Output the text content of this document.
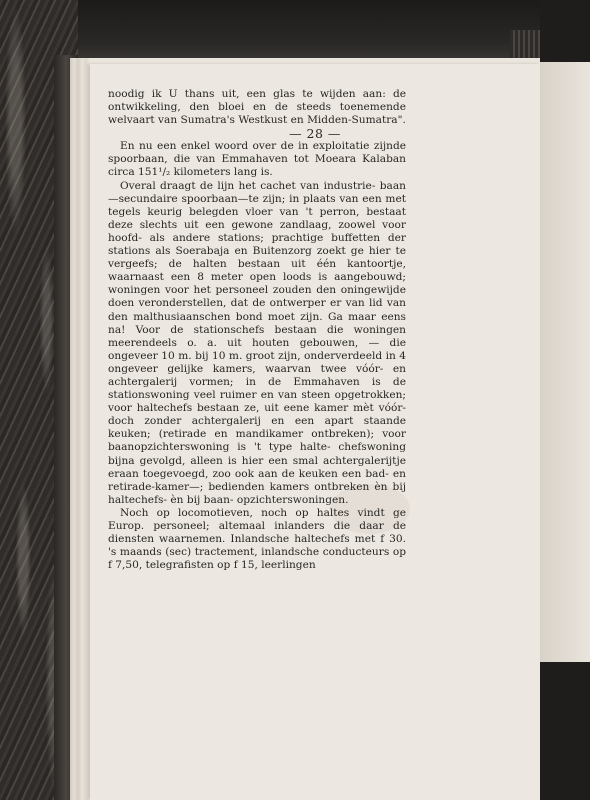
— 28 —

noodig ik U thans uit, een glas te wijden aan: de ontwikkeling, den bloei en de steeds toenemende welvaart van Sumatra's Westkust en Midden-Sumatra".

En nu een enkel woord over de in exploitatie zijnde spoorbaan, die van Emmahaven tot Moeara Kalaban circa 151¹/₂ kilometers lang is.

Overal draagt de lijn het cachet van industrie- baan—secundaire spoorbaan—te zijn; in plaats van een met tegels keurig belegden vloer van 't perron, bestaat deze slechts uit een gewone zandlaag, zoowel voor hoofd- als andere stations; prachtige buffetten der stations als Soerabaja en Buitenzorg zoekt ge hier te vergeefs; de halten bestaan uit één kantoortje, waarnaast een 8 meter open loods is aangebouwd; woningen voor het personeel zouden den oningewijde doen veronderstellen, dat de ontwerper er van lid van den malthusiaanschen bond moet zijn. Ga maar eens na! Voor de stationschefs bestaan die woningen meerendeels o. a. uit houten gebouwen, — die ongeveer 10 m. bij 10 m. groot zijn, onderverdeeld in 4 ongeveer gelijke kamers, waarvan twee vóór- en achtergalerij vormen; in de Emmahaven is de stationswoning veel ruimer en van steen opgetrokken; voor haltechefs bestaan ze, uit eene kamer mèt vóór- doch zonder achtergalerij en een apart staande keuken; (retirade en mandikamer ontbreken); voor baanopzichterswoning is 't type halte- chefswoning bijna gevolgd, alleen is hier een smal achtergalerijtje eraan toegevoegd, zoo ook aan de keuken een bad- en retirade-kamer—; bedienden kamers ontbreken èn bij haltechefs- èn bij baan- opzichterswoningen.

Noch op locomotieven, noch op haltes vindt ge Europ. personeel; altemaal inlanders die daar de diensten waarnemen. Inlandsche haltechefs met f 30. 's maands (sec) tractement, inlandsche conducteurs op f 7,50, telegrafisten op f 15, leerlingen
